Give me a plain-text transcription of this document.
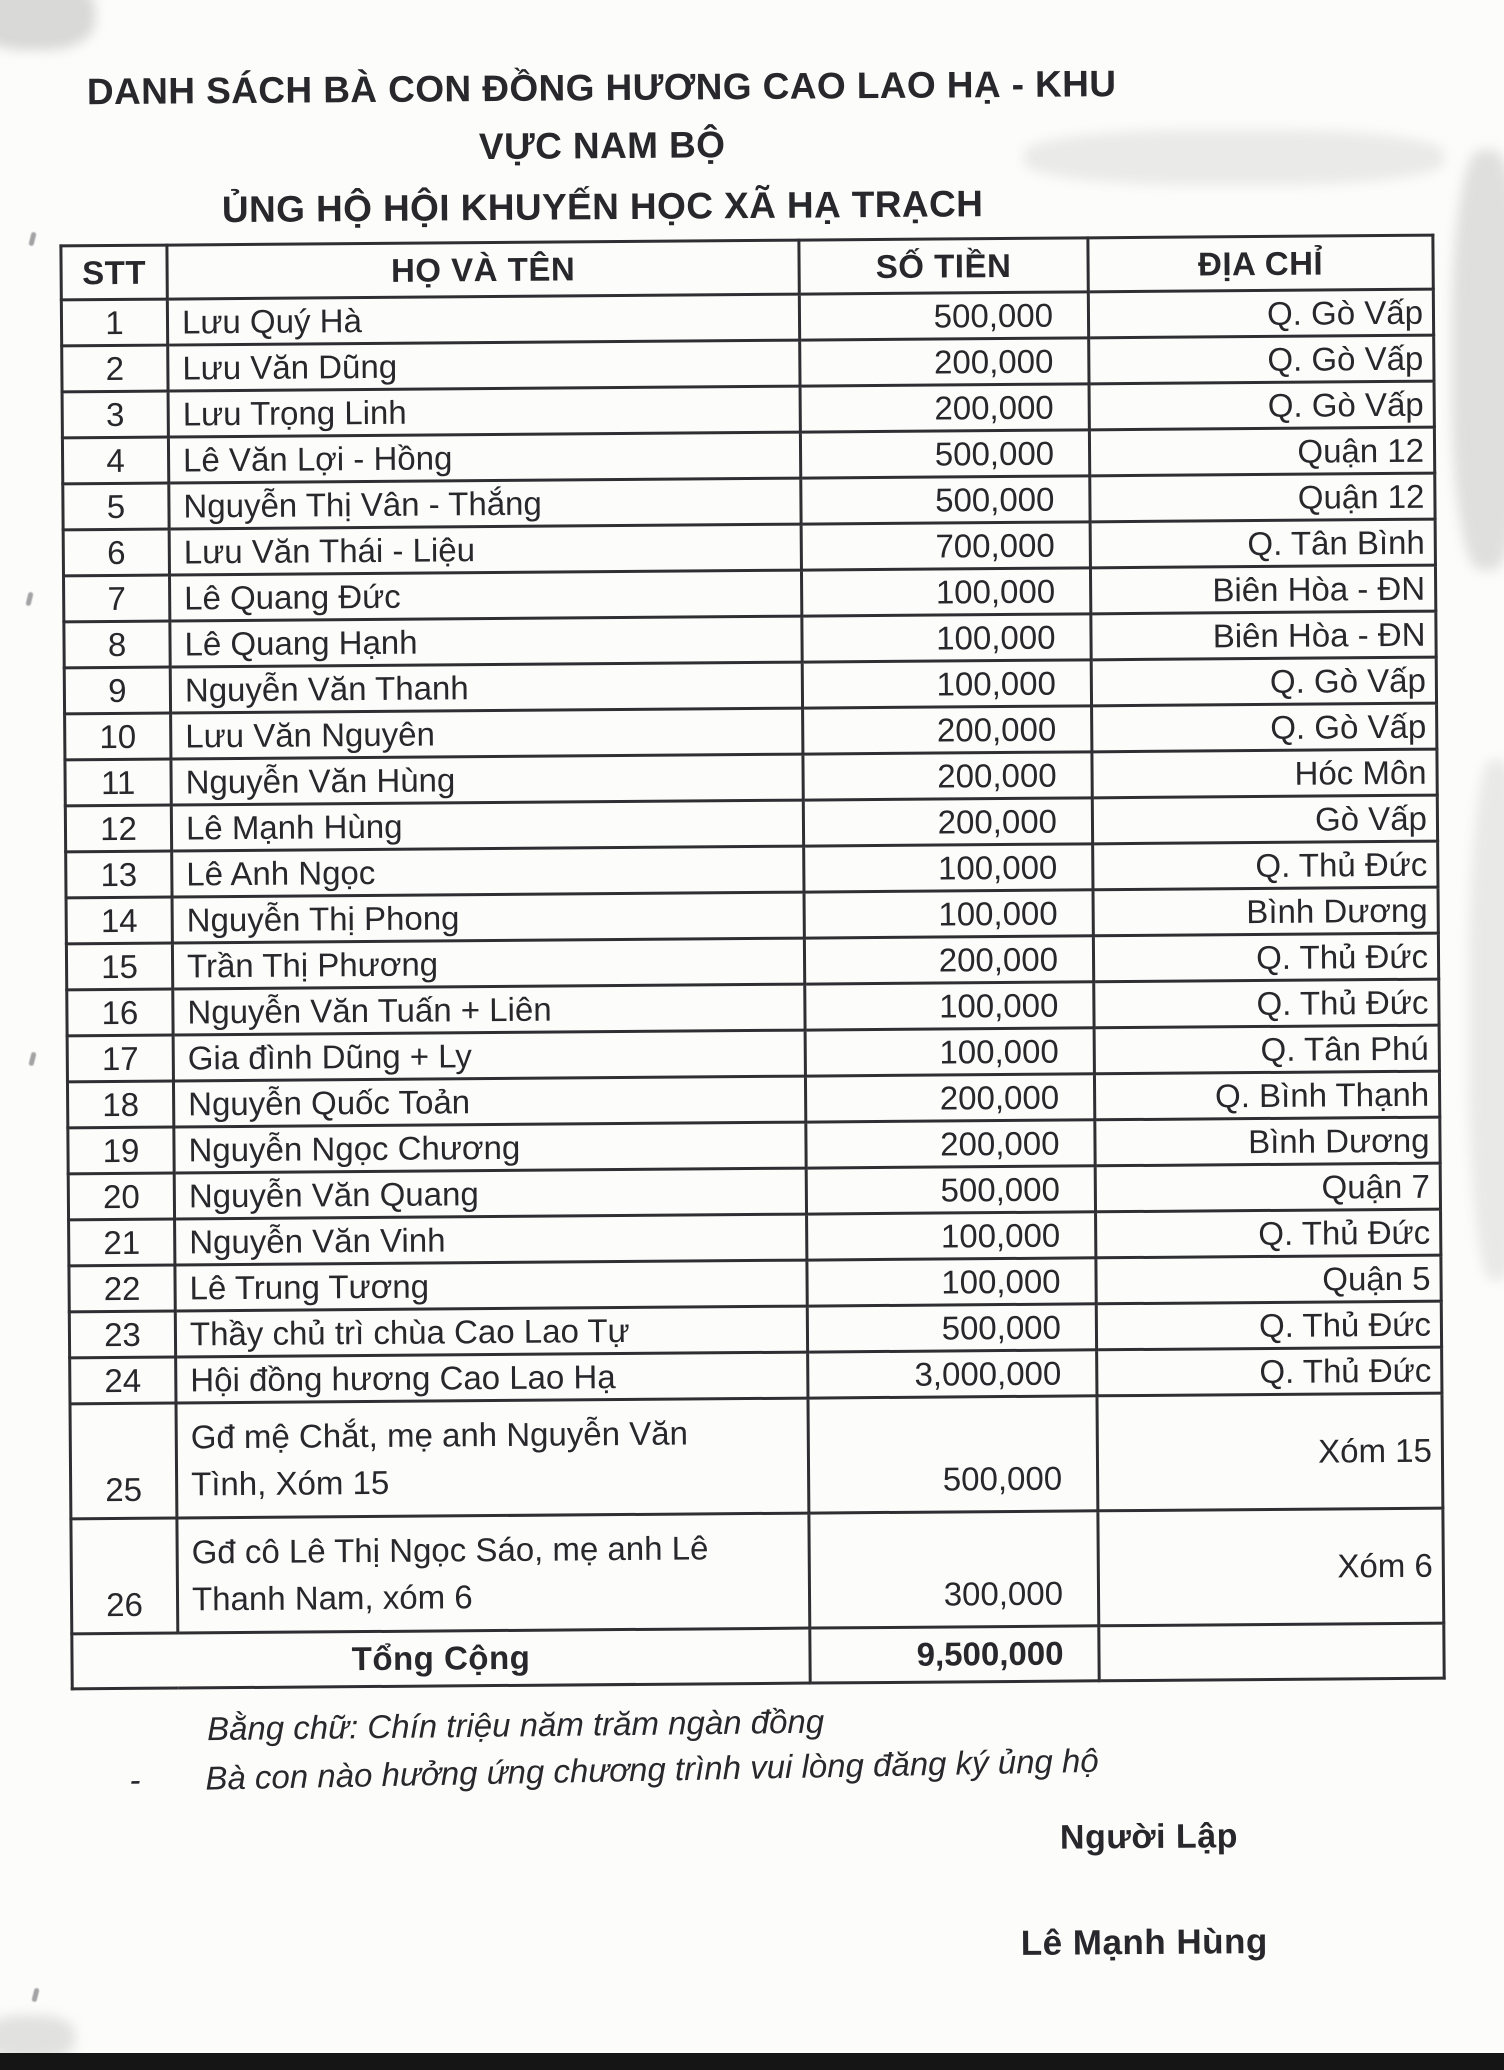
DANH SÁCH BÀ CON ĐỒNG HƯƠNG CAO LAO HẠ - KHU
VỰC NAM BỘ
ỦNG HỘ HỘI KHUYẾN HỌC XÃ HẠ TRẠCH
STT	HỌ VÀ TÊN	SỐ TIỀN	ĐỊA CHỈ
1	Lưu Quý Hà	500,000	Q. Gò Vấp
2	Lưu Văn Dũng	200,000	Q. Gò Vấp
3	Lưu Trọng Linh	200,000	Q. Gò Vấp
4	Lê Văn Lợi - Hồng	500,000	Quận 12
5	Nguyễn Thị Vân - Thắng	500,000	Quận 12
6	Lưu Văn Thái - Liệu	700,000	Q. Tân Bình
7	Lê Quang Đức	100,000	Biên Hòa - ĐN
8	Lê Quang Hạnh	100,000	Biên Hòa - ĐN
9	Nguyễn Văn Thanh	100,000	Q. Gò Vấp
10	Lưu Văn Nguyên	200,000	Q. Gò Vấp
11	Nguyễn Văn Hùng	200,000	Hóc Môn
12	Lê Mạnh Hùng	200,000	Gò Vấp
13	Lê Anh Ngọc	100,000	Q. Thủ Đức
14	Nguyễn Thị Phong	100,000	Bình Dương
15	Trần Thị Phương	200,000	Q. Thủ Đức
16	Nguyễn Văn Tuấn + Liên	100,000	Q. Thủ Đức
17	Gia đình Dũng + Ly	100,000	Q. Tân Phú
18	Nguyễn Quốc Toản	200,000	Q. Bình Thạnh
19	Nguyễn Ngọc Chương	200,000	Bình Dương
20	Nguyễn Văn Quang	500,000	Quận 7
21	Nguyễn Văn Vinh	100,000	Q. Thủ Đức
22	Lê Trung Tương	100,000	Quận 5
23	Thầy chủ trì chùa Cao Lao Tự	500,000	Q. Thủ Đức
24	Hội đồng hương Cao Lao Hạ	3,000,000	Q. Thủ Đức
25	Gđ mệ Chắt, mẹ anh Nguyễn Văn Tình, Xóm 15	500,000	Xóm 15
26	Gđ cô Lê Thị Ngọc Sáo, mẹ anh Lê Thanh Nam, xóm 6	300,000	Xóm 6
Tổng Cộng		9,500,000	
Bằng chữ: Chín triệu năm trăm ngàn đồng
-	Bà con nào hưởng ứng chương trình vui lòng đăng ký ủng hộ
Người Lập
Lê Mạnh Hùng
